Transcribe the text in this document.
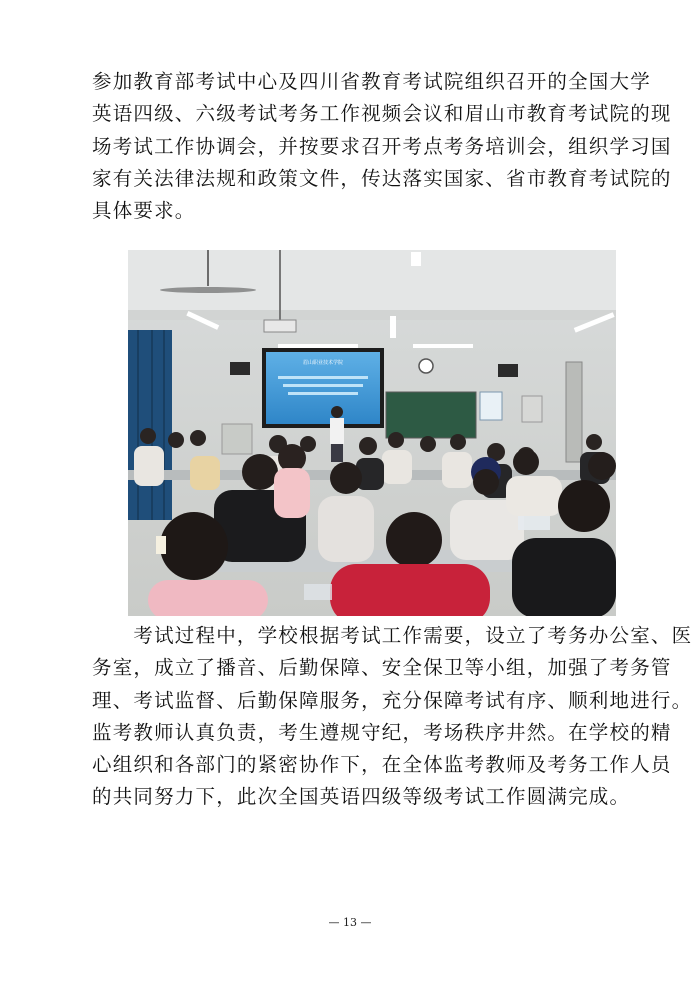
参加教育部考试中心及四川省教育考试院组织召开的全国大学
英语四级、六级考试考务工作视频会议和眉山市教育考试院的现
场考试工作协调会，并按要求召开考点考务培训会，组织学习国
家有关法律法规和政策文件，传达落实国家、省市教育考试院的
具体要求。
眉山职业技术学院
　　考试过程中，学校根据考试工作需要，设立了考务办公室、医
务室，成立了播音、后勤保障、安全保卫等小组，加强了考务管
理、考试监督、后勤保障服务，充分保障考试有序、顺利地进行。
监考教师认真负责，考生遵规守纪，考场秩序井然。在学校的精
心组织和各部门的紧密协作下，在全体监考教师及考务工作人员
的共同努力下，此次全国英语四级等级考试工作圆满完成。
— 13 —
